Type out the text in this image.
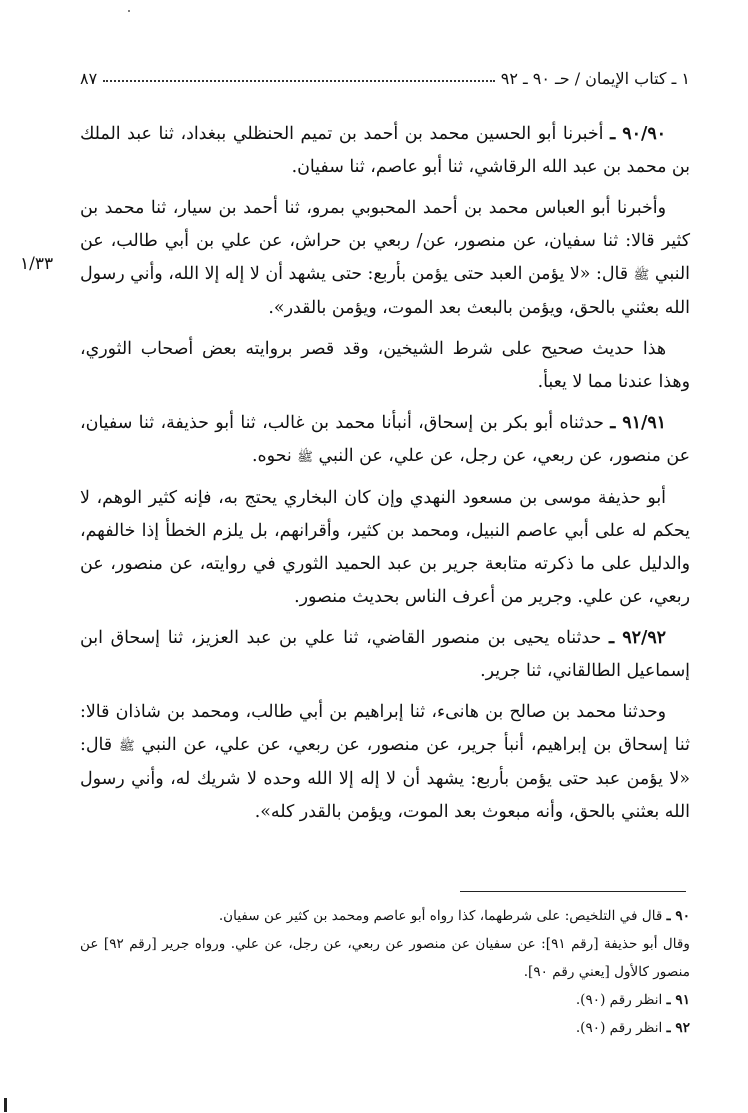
١ ـ كتاب الإيمان / حـ ٩٠ ـ ٩٢
٨٧
١/٣٣

٩٠/٩٠ ـ أخبرنا أبو الحسين محمد بن أحمد بن تميم الحنظلي ببغداد، ثنا عبد الملك بن محمد بن عبد الله الرقاشي، ثنا أبو عاصم، ثنا سفيان.

وأخبرنا أبو العباس محمد بن أحمد المحبوبي بمرو، ثنا أحمد بن سيار، ثنا محمد بن كثير قالا: ثنا سفيان، عن منصور، عن/ ربعي بن حراش، عن علي بن أبي طالب، عن النبي ﷺ قال: «لا يؤمن العبد حتى يؤمن بأربع: حتى يشهد أن لا إله إلا الله، وأني رسول الله بعثني بالحق، ويؤمن بالبعث بعد الموت، ويؤمن بالقدر».

هذا حديث صحيح على شرط الشيخين، وقد قصر بروايته بعض أصحاب الثوري، وهذا عندنا مما لا يعبأ.

٩١/٩١ ـ حدثناه أبو بكر بن إسحاق، أنبأنا محمد بن غالب، ثنا أبو حذيفة، ثنا سفيان، عن منصور، عن ربعي، عن رجل، عن علي، عن النبي ﷺ نحوه.

أبو حذيفة موسى بن مسعود النهدي وإن كان البخاري يحتج به، فإنه كثير الوهم، لا يحكم له على أبي عاصم النبيل، ومحمد بن كثير، وأقرانهم، بل يلزم الخطأ إذا خالفهم، والدليل على ما ذكرته متابعة جرير بن عبد الحميد الثوري في روايته، عن منصور، عن ربعي، عن علي. وجرير من أعرف الناس بحديث منصور.

٩٢/٩٢ ـ حدثناه يحيى بن منصور القاضي، ثنا علي بن عبد العزيز، ثنا إسحاق ابن إسماعيل الطالقاني، ثنا جرير.

وحدثنا محمد بن صالح بن هانىء، ثنا إبراهيم بن أبي طالب، ومحمد بن شاذان قالا: ثنا إسحاق بن إبراهيم، أنبأ جرير، عن منصور، عن ربعي، عن علي، عن النبي ﷺ قال: «لا يؤمن عبد حتى يؤمن بأربع: يشهد أن لا إله إلا الله وحده لا شريك له، وأني رسول الله بعثني بالحق، وأنه مبعوث بعد الموت، ويؤمن بالقدر كله».

٩٠ ـ قال في التلخيص: على شرطهما، كذا رواه أبو عاصم ومحمد بن كثير عن سفيان.

وقال أبو حذيفة [رقم ٩١]: عن سفيان عن منصور عن ربعي، عن رجل، عن علي. ورواه جرير [رقم ٩٢] عن منصور كالأول [يعني رقم ٩٠].

٩١ ـ انظر رقم (٩٠).

٩٢ ـ انظر رقم (٩٠).
